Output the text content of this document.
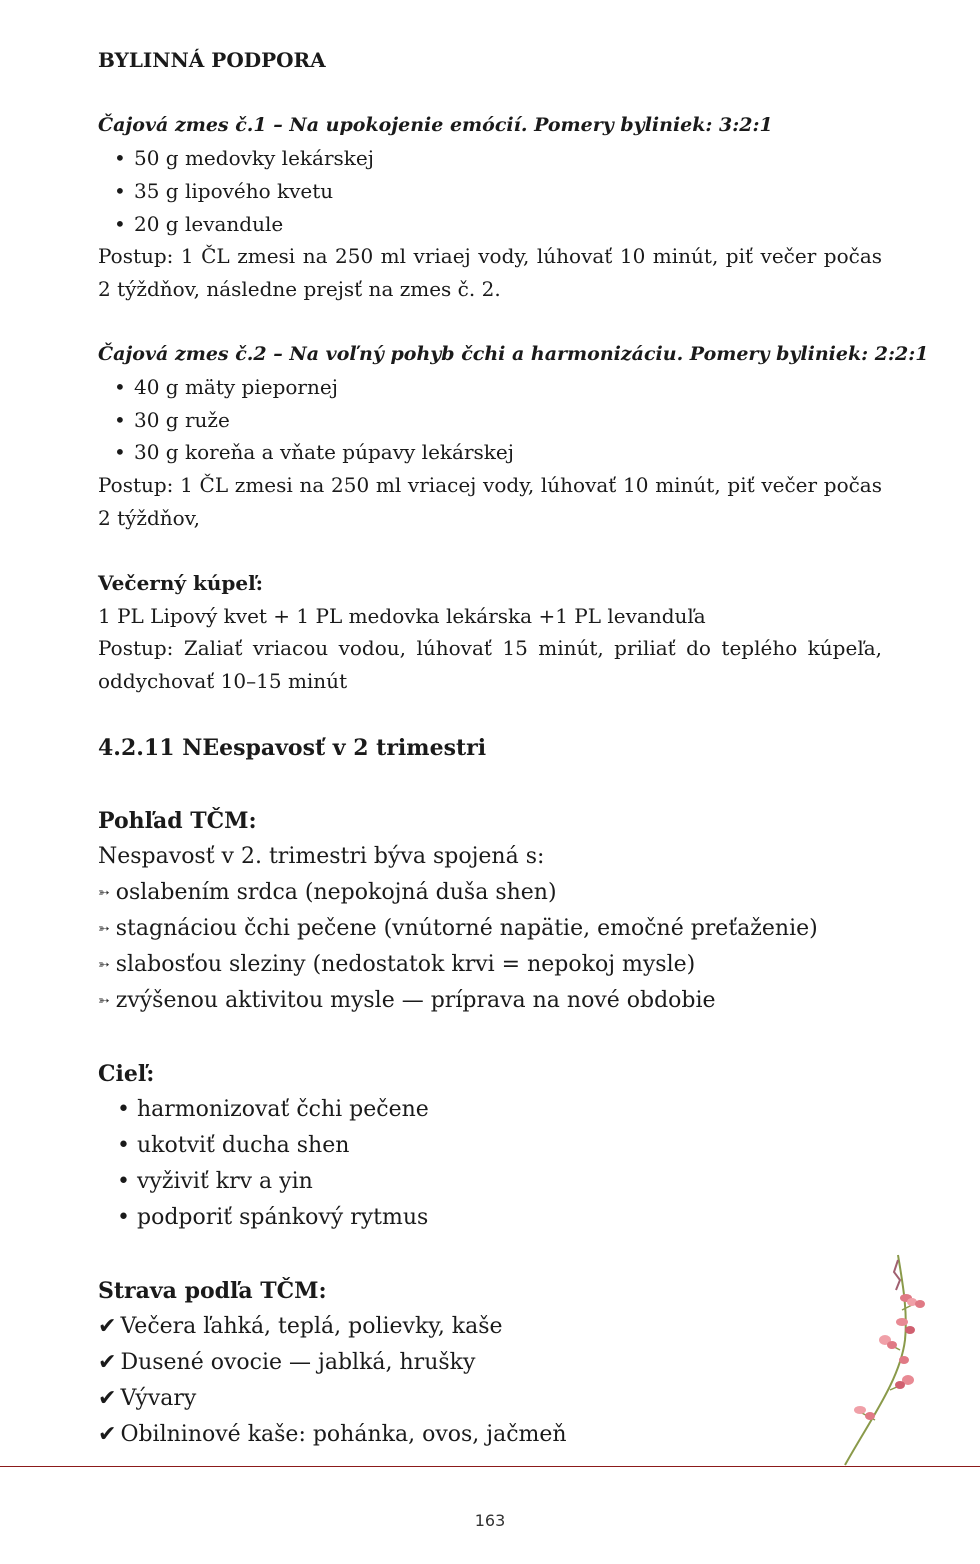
BYLINNÁ PODPORA
Čajová zmes č.1 – Na upokojenie emócií. Pomery byliniek: 3:2:1
• 50 g medovky lekárskej
• 35 g lipového kvetu
• 20 g levandule
Postup: 1 ČL zmesi na 250 ml vriaej vody, lúhovať 10 minút, piť večer počas 2 týždňov, následne prejsť na zmes č. 2.
Čajová zmes č.2 – Na voľný pohyb čchi a harmonizáciu. Pomery byliniek: 2:2:1
• 40 g mäty piepornej
• 30 g ruže
• 30 g koreňa a vňate púpavy lekárskej
Postup: 1 ČL zmesi na 250 ml vriacej vody, lúhovať 10 minút, piť večer počas 2 týždňov,
Večerný kúpeľ:
1 PL Lipový kvet + 1 PL medovka lekárska +1 PL levanduľa
Postup: Zaliať vriacou vodou, lúhovať 15 minút, priliať do teplého kúpeľa, oddychovať 10–15 minút
4.2.11 NEespavosť v 2 trimestri
Pohľad TČM:
Nespavosť v 2. trimestri býva spojená s:
➳ oslabením srdca (nepokojná duša shen)
➳ stagnáciou čchi pečene (vnútorné napätie, emočné preťaženie)
➳ slabosťou sleziny (nedostatok krvi = nepokoj mysle)
➳ zvýšenou aktivitou mysle — príprava na nové obdobie
Cieľ:
• harmonizovať čchi pečene
• ukotviť ducha shen
• vyživiť krv a yin
• podporiť spánkový rytmus
Strava podľa TČM:
✔ Večera ľahká, teplá, polievky, kaše
✔ Dusené ovocie — jablká, hrušky
✔ Vývary
✔ Obilninové kaše: pohánka, ovos, jačmeň
163
